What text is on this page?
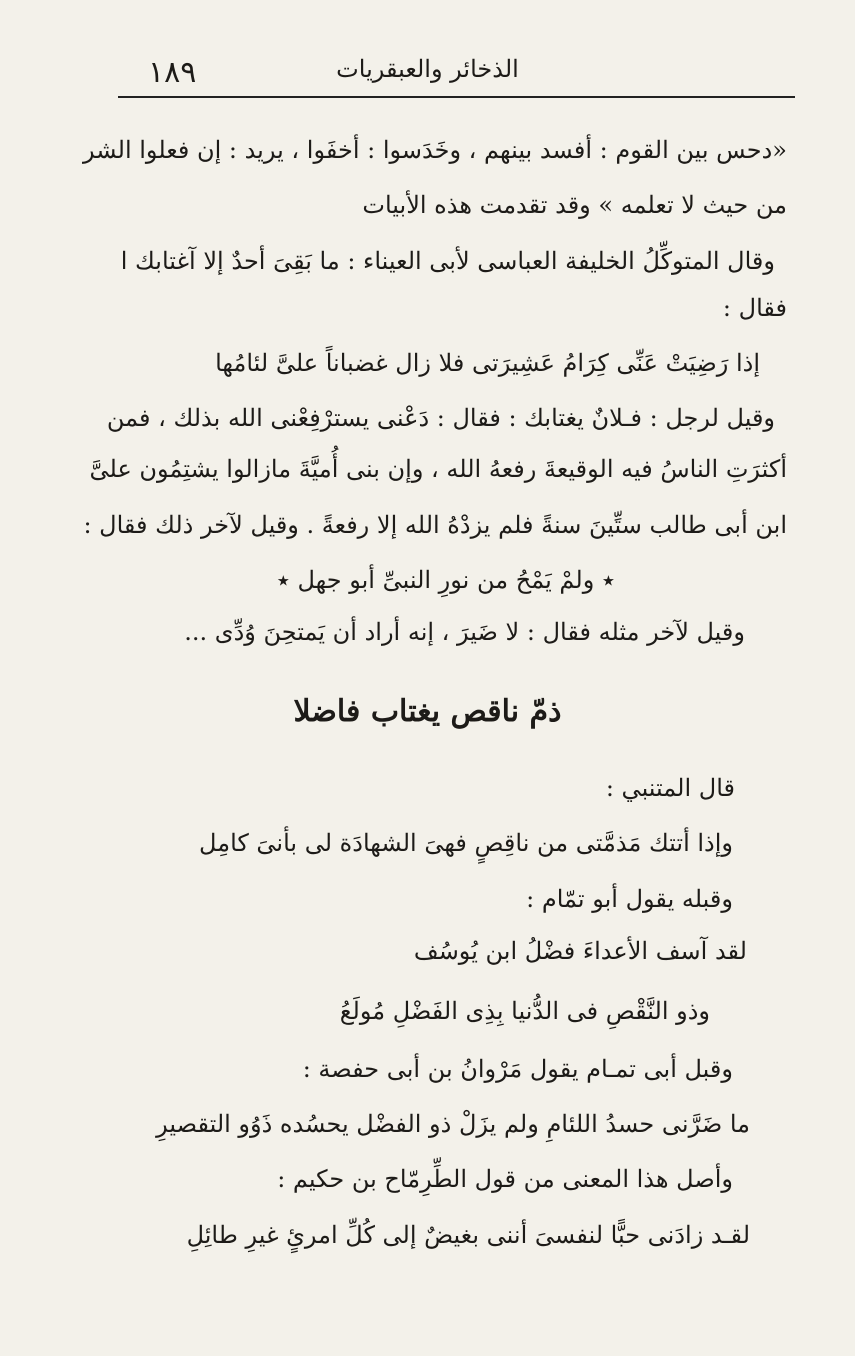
١٨٩	الذخائر والعبقريات
«دحس بين القوم : أفسد بينهم ، وخَدَسوا : أخفَوا ، يريد : إن فعلوا الشر
من حيث لا تعلمه » وقد تقدمت هذه الأبيات
وقال المتوكِّلُ الخليفة العباسى لأبى العيناء : ما بَقِىَ أحدٌ إلا آغتابك ا
فقال :
إذا رَضِيَتْ عَنِّى كِرَامُ عَشِيرَتى فلا زال غضباناً علىَّ لئامُها
وقيل لرجل : فـلانٌ يغتابك : فقال : دَعْنى يسترْفِعْنى الله بذلك ، فمن
أكثرَتِ الناسُ فيه الوقيعةَ رفعهُ الله ، وإن بنى أُميَّةَ مازالوا يشتِمُون علىَّ
ابن أبى طالب ستِّينَ سنةً فلم يزدْهُ الله إلا رفعةً . وقيل لآخر ذلك فقال :
٭ ولمْ يَمْحُ من نورِ النبىِّ أبو جهل ٭
وقيل لآخر مثله فقال : لا ضَيرَ ، إنه أراد أن يَمتحِنَ وُدِّى ...
ذمّ ناقص يغتاب فاضلا
قال المتنبي :
وإذا أتتك مَذمَّتى من ناقِصٍ فهىَ الشهادَة لى بأنىَ كامِل
وقبله يقول أبو تمّام :
لقد آسف الأعداءَ فضْلُ ابن يُوسُف
وذو النَّقْصِ فى الدُّنيا بِذِى الفَضْلِ مُولَعُ
وقبل أبى تمـام يقول مَرْوانُ بن أبى حفصة :
ما ضَرَّنى حسدُ اللئامِ ولم يزَلْ ذو الفضْل يحسُده ذَوُو التقصيرِ
وأصل هذا المعنى من قول الطِّرِمّاح بن حكيم :
لقـد زادَنى حبًّا لنفسىَ أننى بغيضٌ إلى كُلِّ امرئٍ غيرِ طائِلِ
